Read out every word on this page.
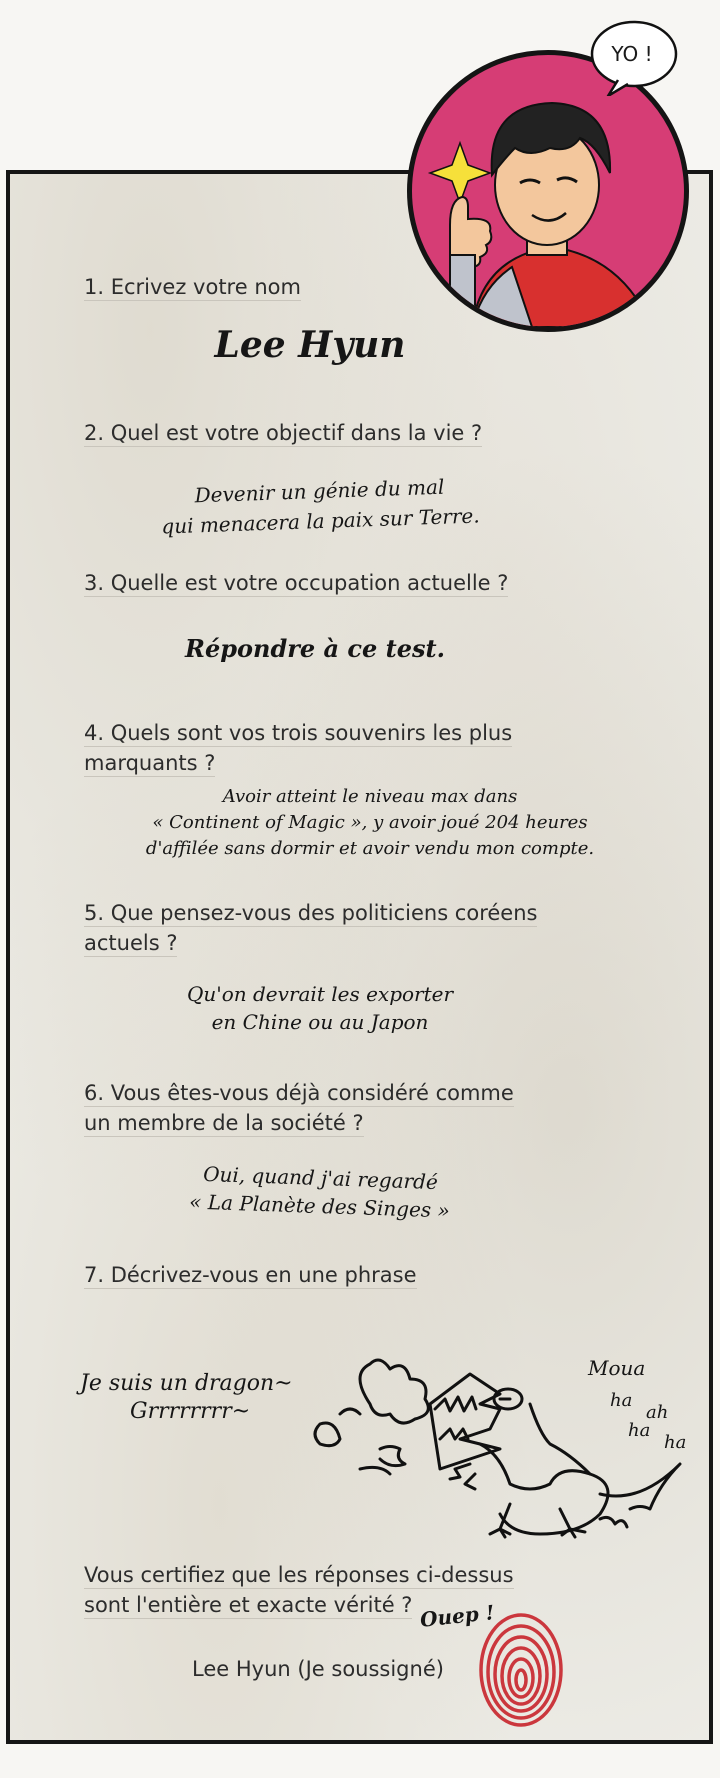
1. Ecrivez votre nom

Lee Hyun

2. Quel est votre objectif dans la vie ?

Devenir un génie du mal
qui menacera la paix sur Terre.

3. Quelle est votre occupation actuelle ?

Répondre à ce test.

4. Quels sont vos trois souvenirs les plus
marquants ?
Avoir atteint le niveau max dans
« Continent of Magic », y avoir joué 204 heures
d'affilée sans dormir et avoir vendu mon compte.
5. Que pensez-vous des politiciens coréens
actuels ?
Qu'on devrait les exporter
en Chine ou au Japon
6. Vous êtes-vous déjà considéré comme
un membre de la société ?
Oui, quand j'ai regardé
« La Planète des Singes »

7. Décrivez-vous en une phrase

Je suis un dragon~
Grrrrrrrr~
Moua
ha
ah
ha
ha
Vous certifiez que les réponses ci-dessus
sont l'entière et exacte vérité ? Ouep !
Lee Hyun (Je soussigné)
YO !
